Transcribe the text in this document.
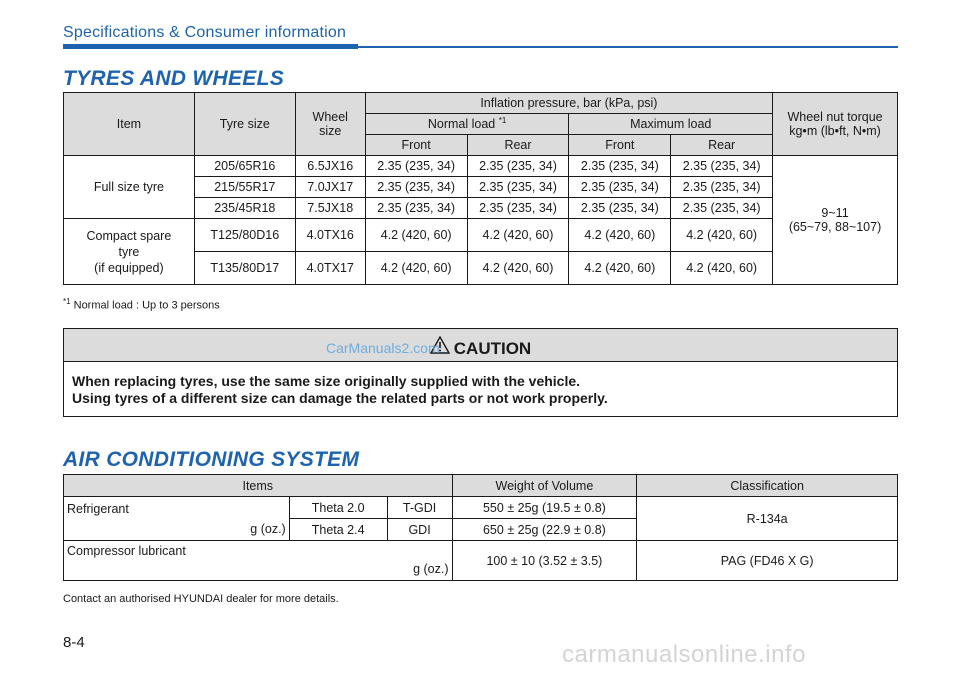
Specifications & Consumer information
TYRES AND WHEELS
Item	Tyre size	Wheel size	Inflation pressure, bar (kPa, psi)				Wheel nut torque
kg•m (lb•ft, N•m)

			Normal load $^{*1}$		Maximum load		
			Front	Rear	Front	Rear	
Full size tyre	205/65R16	6.5JX16	2.35 (235, 34)	2.35 (235, 34)	2.35 (235, 34)	2.35 (235, 34)	9~11
(65~79, 88~107)

	215/55R17	7.0JX17	2.35 (235, 34)	2.35 (235, 34)	2.35 (235, 34)	2.35 (235, 34)	
	235/45R18	7.5JX18	2.35 (235, 34)	2.35 (235, 34)	2.35 (235, 34)	2.35 (235, 34)	

Compact spare
tyre
(if equipped)	T125/80D16	4.0TX16	4.2 (420, 60)	4.2 (420, 60)	4.2 (420, 60)	4.2 (420, 60)	
	T135/80D17	4.0TX17	4.2 (420, 60)	4.2 (420, 60)	4.2 (420, 60)	4.2 (420, 60)	
$^{*1}$ Normal load : Up to 3 persons
CAUTION
CarManuals2.com
When replacing tyres, use the same size originally supplied with the vehicle.
Using tyres of a different size can damage the related parts or not work properly.
AIR CONDITIONING SYSTEM
Items			Weight of Volume	Classification

Refrigerant
g (oz.)	Theta 2.0	T-GDI	550 ± 25g (19.5 ± 0.8)	R-134a
	Theta 2.4	GDI	650 ± 25g (22.9 ± 0.8)	

Compressor lubricant
g (oz.)			100 ± 10 (3.52 ± 3.5)	PAG (FD46 X G)
Contact an authorised HYUNDAI dealer for more details.
8-4	carmanualsonline.info
